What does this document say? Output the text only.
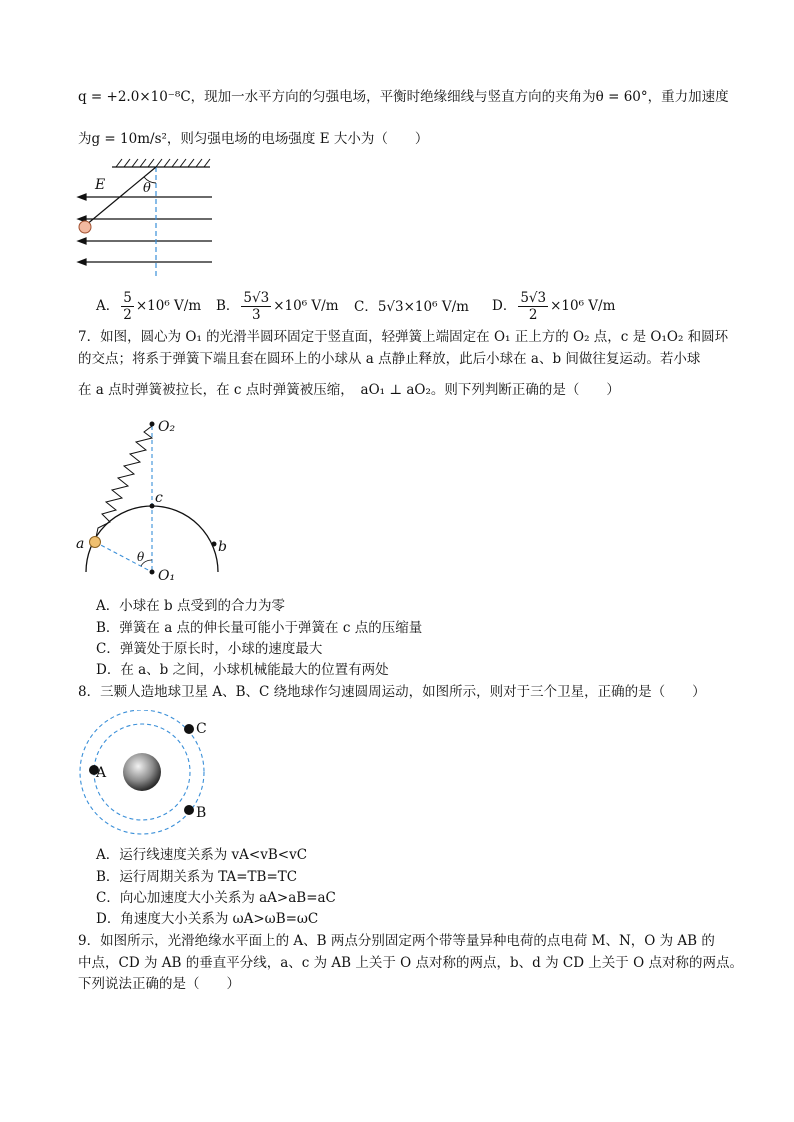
q = +2.0×10⁻⁸C，现加一水平方向的匀强电场，平衡时绝缘细线与竖直方向的夹角为θ = 60°，重力加速度
为g = 10m/s²，则匀强电场的电场强度 E 大小为（　　）
E	θ
A． $\frac{5}{2} \times 10^6$ V/m B． $\frac{5√3}{3} \times 10^6$ V/m C．5√3×10⁶ V/m D． $\frac{5√3}{2} \times 10^6$ V/m
7．如图，圆心为 O₁ 的光滑半圆环固定于竖直面，轻弹簧上端固定在 O₁ 正上方的 O₂ 点，c 是 O₁O₂ 和圆环
的交点；将系于弹簧下端且套在圆环上的小球从 a 点静止释放，此后小球在 a、b 间做往复运动。若小球
在 a 点时弹簧被拉长，在 c 点时弹簧被压缩，　aO₁ ⊥ aO₂。则下列判断正确的是（　　）
O₂
c
a	b
θ
O₁
A．小球在 b 点受到的合力为零
B．弹簧在 a 点的伸长量可能小于弹簧在 c 点的压缩量
C．弹簧处于原长时，小球的速度最大
D．在 a、b 之间，小球机械能最大的位置有两处
8．三颗人造地球卫星 A、B、C 绕地球作匀速圆周运动，如图所示，则对于三个卫星，正确的是（　　）
A
C
B
A．运行线速度关系为 vA<vB<vC
B．运行周期关系为 TA=TB=TC
C．向心加速度大小关系为 aA>aB=aC
D．角速度大小关系为 ωA>ωB=ωC
9．如图所示，光滑绝缘水平面上的 A、B 两点分别固定两个带等量异种电荷的点电荷 M、N，O 为 AB 的
中点，CD 为 AB 的垂直平分线，a、c 为 AB 上关于 O 点对称的两点，b、d 为 CD 上关于 O 点对称的两点。
下列说法正确的是（　　）
